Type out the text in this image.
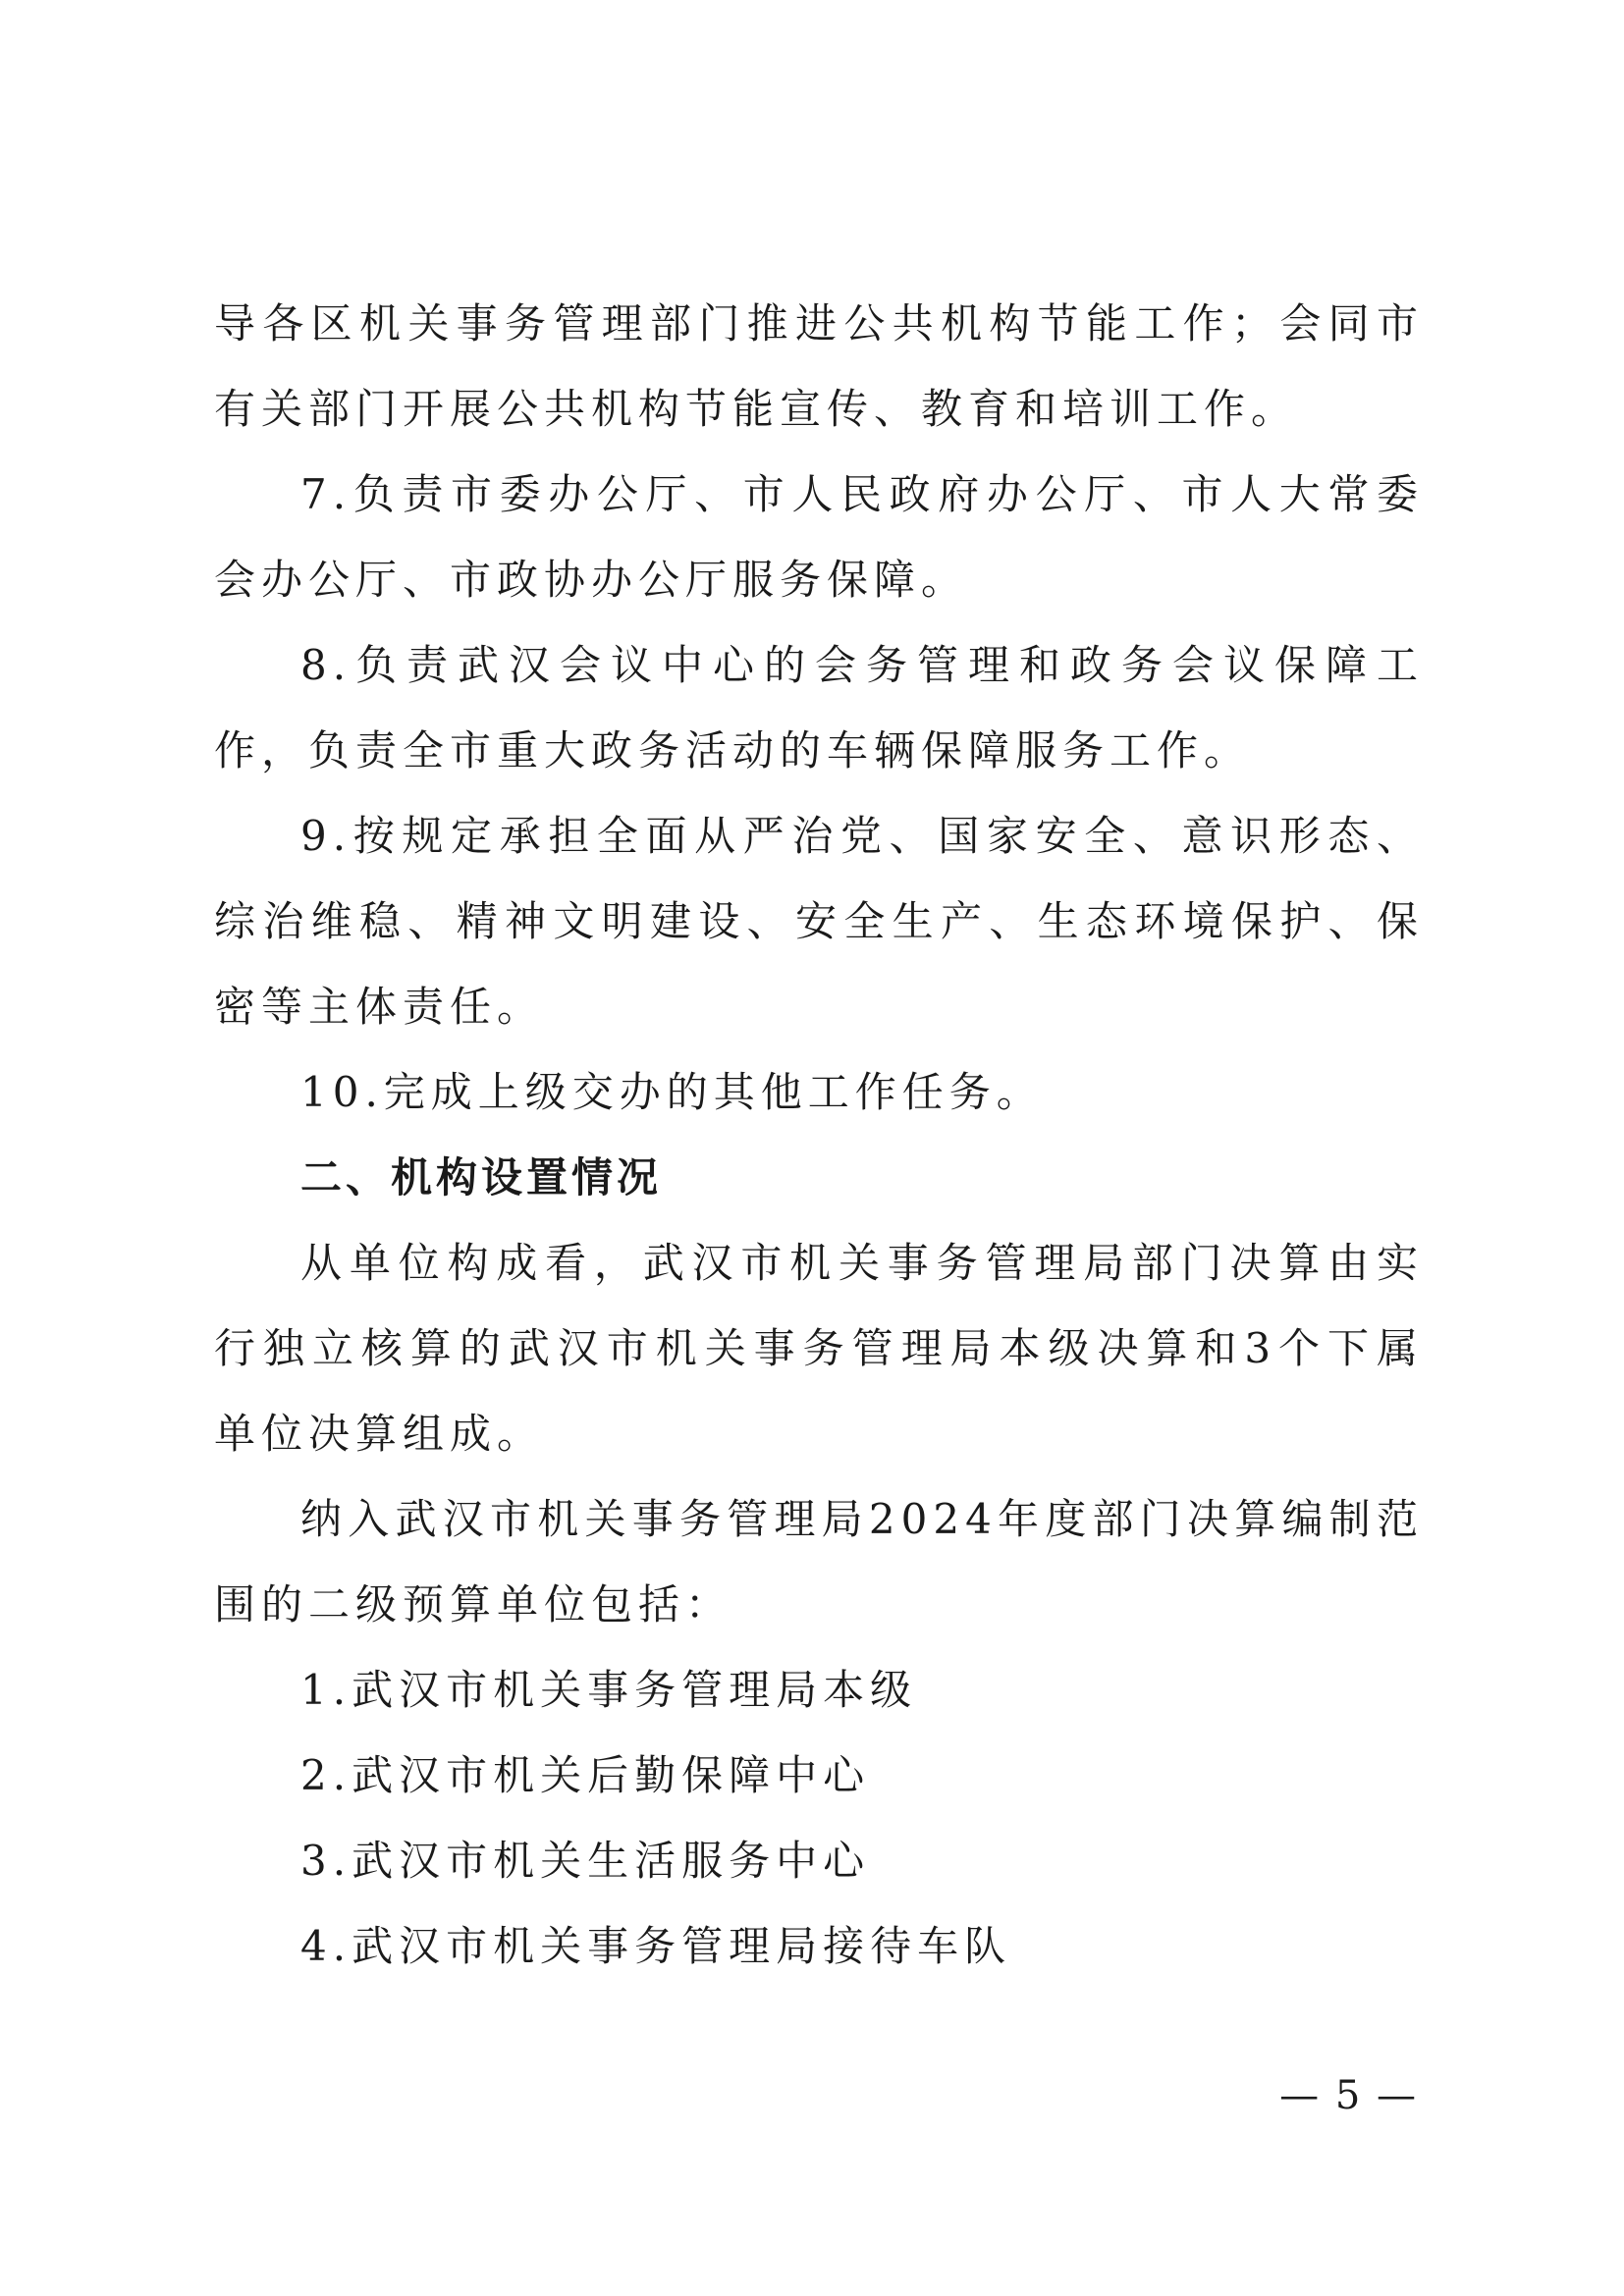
导各区机关事务管理部门推进公共机构节能工作；会同市有关部门开展公共机构节能宣传、教育和培训工作。

7.负责市委办公厅、市人民政府办公厅、市人大常委会办公厅、市政协办公厅服务保障。

8.负责武汉会议中心的会务管理和政务会议保障工作，负责全市重大政务活动的车辆保障服务工作。

9.按规定承担全面从严治党、国家安全、意识形态、综治维稳、精神文明建设、安全生产、生态环境保护、保密等主体责任。

10.完成上级交办的其他工作任务。

二、机构设置情况

从单位构成看，武汉市机关事务管理局部门决算由实行独立核算的武汉市机关事务管理局本级决算和3个下属单位决算组成。

纳入武汉市机关事务管理局2024年度部门决算编制范围的二级预算单位包括：

1.武汉市机关事务管理局本级

2.武汉市机关后勤保障中心

3.武汉市机关生活服务中心

4.武汉市机关事务管理局接待车队

— 5 —
